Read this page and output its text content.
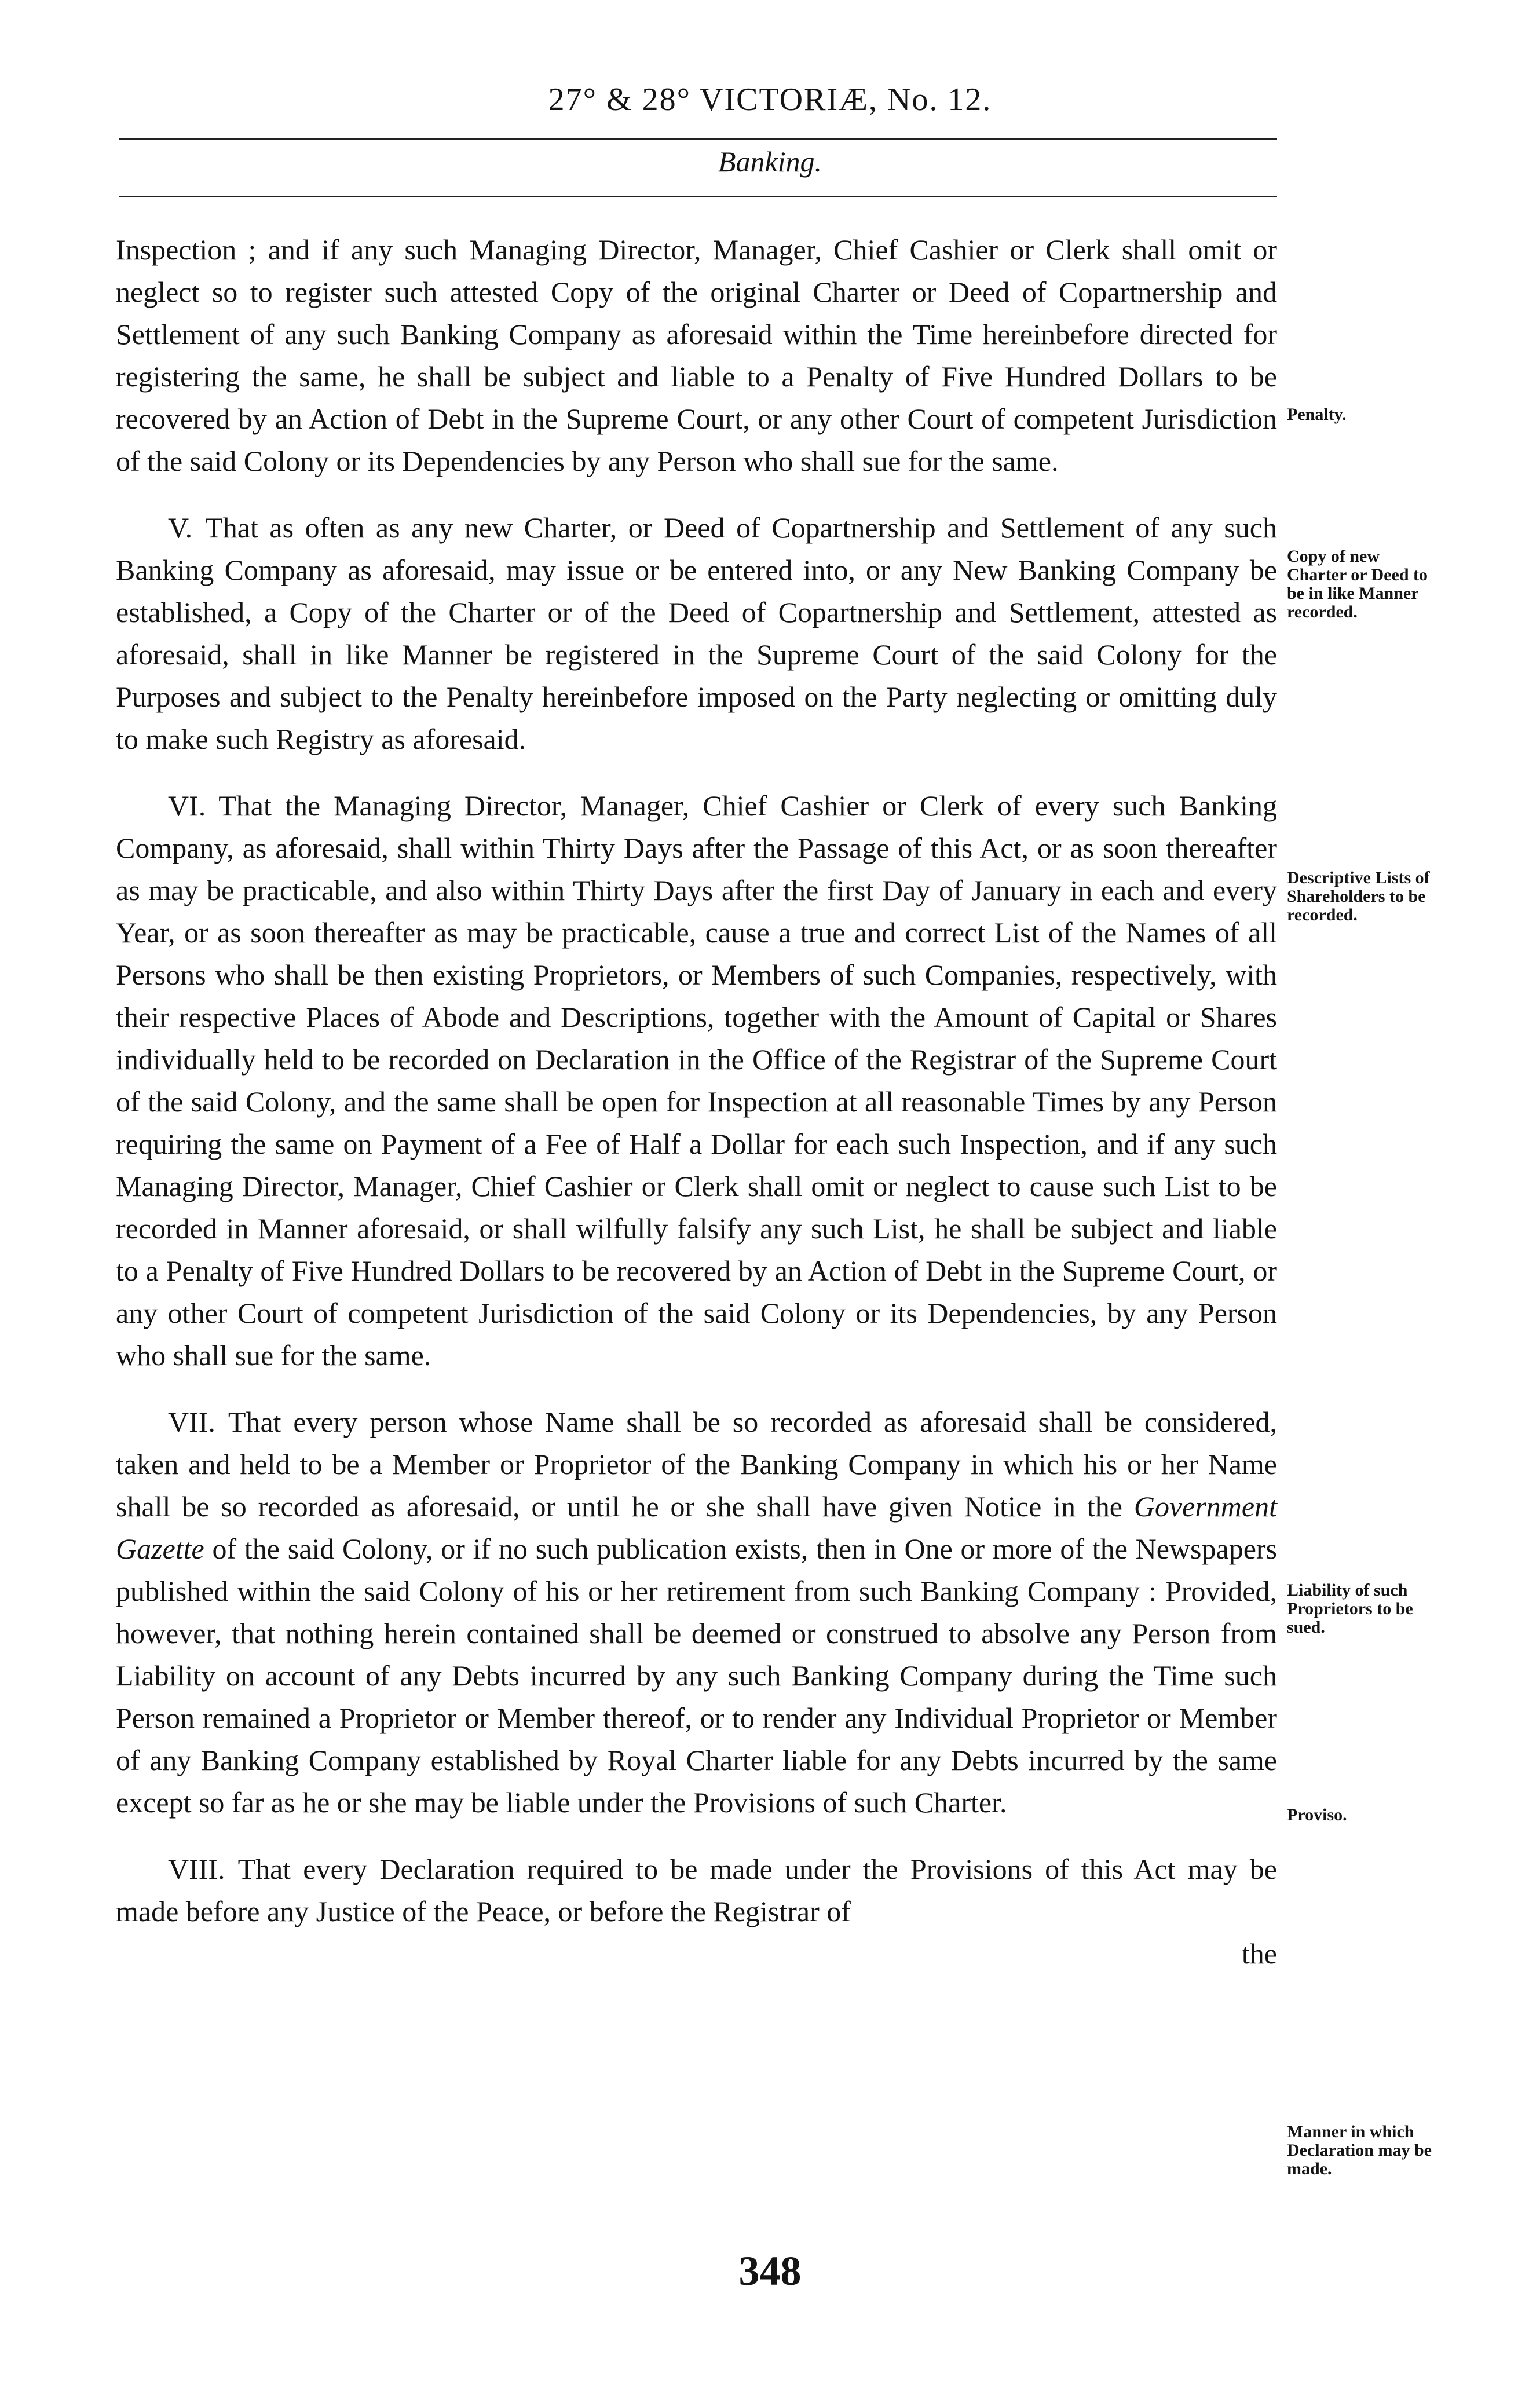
27° & 28° VICTORIÆ, No. 12.
Banking.

Inspection ; and if any such Managing Director, Manager, Chief Cashier or Clerk shall omit or neglect so to register such attested Copy of the original Charter or Deed of Copartnership and Settlement of any such Banking Company as aforesaid within the Time hereinbefore directed for registering the same, he shall be subject and liable to a Penalty of Five Hundred Dollars to be recovered by an Action of Debt in the Supreme Court, or any other Court of competent Jurisdiction of the said Colony or its Dependencies by any Person who shall sue for the same.

V. That as often as any new Charter, or Deed of Copartnership and Settlement of any such Banking Company as aforesaid, may issue or be entered into, or any New Banking Company be established, a Copy of the Charter or of the Deed of Copartnership and Settlement, attested as aforesaid, shall in like Manner be registered in the Supreme Court of the said Colony for the Purposes and subject to the Penalty hereinbefore imposed on the Party neglecting or omitting duly to make such Registry as aforesaid.

VI. That the Managing Director, Manager, Chief Cashier or Clerk of every such Banking Company, as aforesaid, shall within Thirty Days after the Passage of this Act, or as soon thereafter as may be practicable, and also within Thirty Days after the first Day of January in each and every Year, or as soon thereafter as may be practicable, cause a true and correct List of the Names of all Persons who shall be then existing Proprietors, or Members of such Companies, respectively, with their respective Places of Abode and Descriptions, together with the Amount of Capital or Shares individually held to be recorded on Declaration in the Office of the Registrar of the Supreme Court of the said Colony, and the same shall be open for Inspection at all reasonable Times by any Person requiring the same on Payment of a Fee of Half a Dollar for each such Inspection, and if any such Managing Director, Manager, Chief Cashier or Clerk shall omit or neglect to cause such List to be recorded in Manner aforesaid, or shall wilfully falsify any such List, he shall be subject and liable to a Penalty of Five Hundred Dollars to be recovered by an Action of Debt in the Supreme Court, or any other Court of competent Jurisdiction of the said Colony or its Dependencies, by any Person who shall sue for the same.

VII. That every person whose Name shall be so recorded as aforesaid shall be considered, taken and held to be a Member or Proprietor of the Banking Company in which his or her Name shall be so recorded as aforesaid, or until he or she shall have given Notice in the Government Gazette of the said Colony, or if no such publication exists, then in One or more of the Newspapers published within the said Colony of his or her retirement from such Banking Company : Provided, however, that nothing herein contained shall be deemed or construed to absolve any Person from Liability on account of any Debts incurred by any such Banking Company during the Time such Person remained a Proprietor or Member thereof, or to render any Individual Proprietor or Member of any Banking Company established by Royal Charter liable for any Debts incurred by the same except so far as he or she may be liable under the Provisions of such Charter.

VIII. That every Declaration required to be made under the Provisions of this Act may be made before any Justice of the Peace, or before the Registrar of

the

Penalty.
Copy of new Charter or Deed to be in like Manner recorded.
Descriptive Lists of Shareholders to be recorded.
Liability of such Proprietors to be sued.
Proviso.
Manner in which Declaration may be made.
348
